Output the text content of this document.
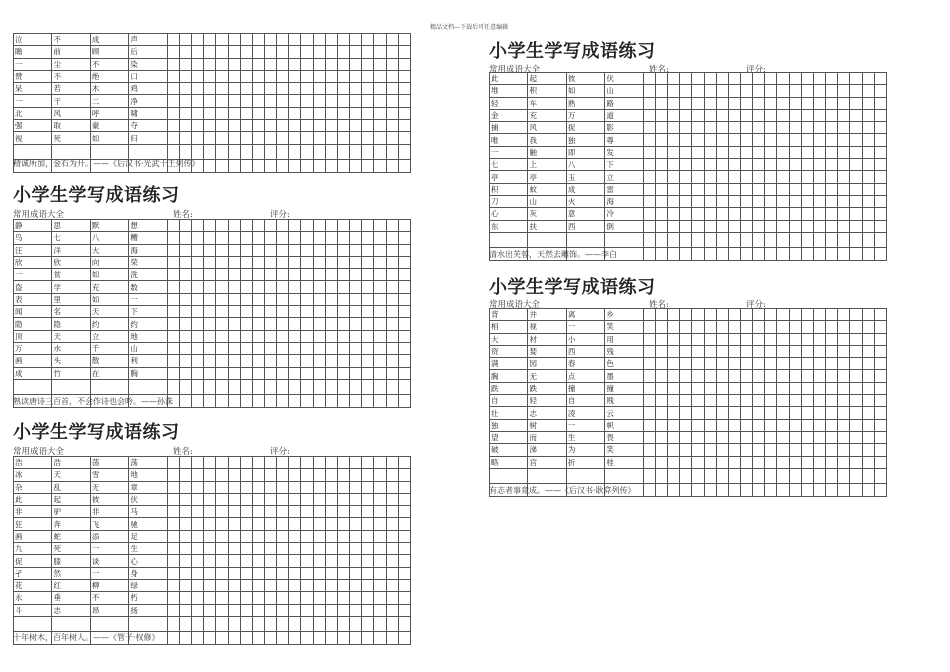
精品文档---下载后可任意编辑
泣	不	成	声																				
瞻	前	顾	后																				
一	尘	不	染																				
赞	不	绝	口																				
呆	若	木	鸡																				
一	干	二	净																				
北	风	呼	啸																				
强	取	豪	夺																				
视	死	如	归																				

精诚所加，金石为开。——《后汉书·光武十王列传》
小学生学写成语练习
常用成语大全	姓名:	评分:
静	思	默	想																				
鸟	七	八	糟																				
汪	洋	大	海																				
欣	欣	向	荣																				
一	贫	如	洗																				
盗	学	充	数																				
表	里	如	一																				
闻	名	天	下																				
隐	隐	约	约																				
顶	天	立	地																				
万	水	千	山																				
画	头	散	利																				
成	竹	在	胸																				

熟读唐诗三百首，不会作诗也会吟。——孙洙
小学生学写成语练习
常用成语大全	姓名:	评分:
浩	浩	荡	荡																				
冰	天	雪	地																				
杂	乱	无	章																				
此	起	彼	伏																				
非	驴	非	马																				
狂	奔	飞	驰																				
画	蛇	添	足																				
九	死	一	生																				
促	膝	谈	心																				
孑	然	一	身																				
花	红	柳	绿																				
永	垂	不	朽																				
斗	志	昂	扬																				

十年树木，百年树人。——《管子·权修》
小学生学写成语练习
常用成语大全	姓名:	评分:
此	起	彼	伏																				
堆	积	如	山																				
轻	车	熟	路																				
金	充	万	道																				
捕	风	捉	影																				
唯	我	独	尊																				
一	触	即	发																				
七	上	八	下																				
亭	亭	玉	立																				
积	蚊	成	雷																				
刀	山	火	海																				
心	灰	意	冷																				
东	扶	西	倒																				

清水出芙蓉，天然去雕饰。——李白
小学生学写成语练习
常用成语大全	姓名:	评分:
背	井	离	乡																				
相	视	一	笑																				
大	材	小	用																				
资	婪	西	残																				
满	园	春	色																				
胸	无	点	墨																				
跌	跌	撞	撞																				
自	轻	自	贱																				
壮	志	凌	云																				
独	树	一	帜																				
望	而	生	畏																				
破	涕	为	笑																				
略	宫	折	桂																				

有志者事竟成。——《后汉书·耿弇列传》
